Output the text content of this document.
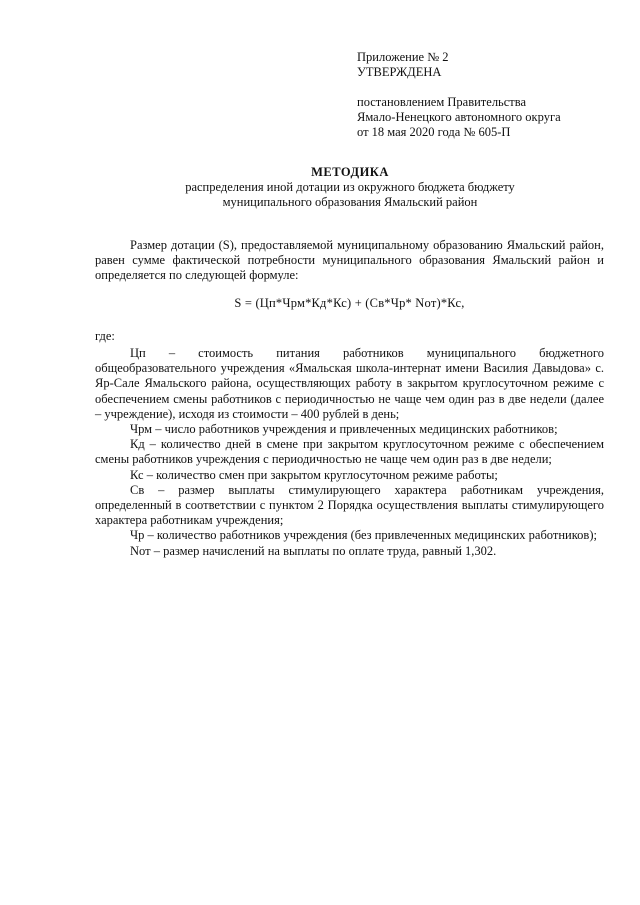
Приложение № 2
УТВЕРЖДЕНА
постановлением Правительства
Ямало-Ненецкого автономного округа
от 18 мая 2020 года № 605-П
МЕТОДИКА
распределения иной дотации из окружного бюджета бюджету
муниципального образования Ямальский район

Размер дотации (S), предоставляемой муниципальному образованию Ямальский район, равен сумме фактической потребности муниципального образования Ямальский район и определяется по следующей формуле:

S = (Цп*Чрм*Кд*Кс) + (Св*Чр* Nот)*Кс,

где:

Цп – стоимость питания работников муниципального бюджетного общеобразовательного учреждения «Ямальская школа-интернат имени Василия Давыдова» с. Яр-Сале Ямальского района, осуществляющих работу в закрытом круглосуточном режиме с обеспечением смены работников с периодичностью не чаще чем один раз в две недели (далее – учреждение), исходя из стоимости – 400 рублей в день;

Чрм – число работников учреждения и привлеченных медицинских работников;

Кд – количество дней в смене при закрытом круглосуточном режиме с обеспечением смены работников учреждения с периодичностью не чаще чем один раз в две недели;

Кс – количество смен при закрытом круглосуточном режиме работы;

Св – размер выплаты стимулирующего характера работникам учреждения, определенный в соответствии с пунктом 2 Порядка осуществления выплаты стимулирующего характера работникам учреждения;

Чр – количество работников учреждения (без привлеченных медицинских работников);

Nот – размер начислений на выплаты по оплате труда, равный 1,302.
